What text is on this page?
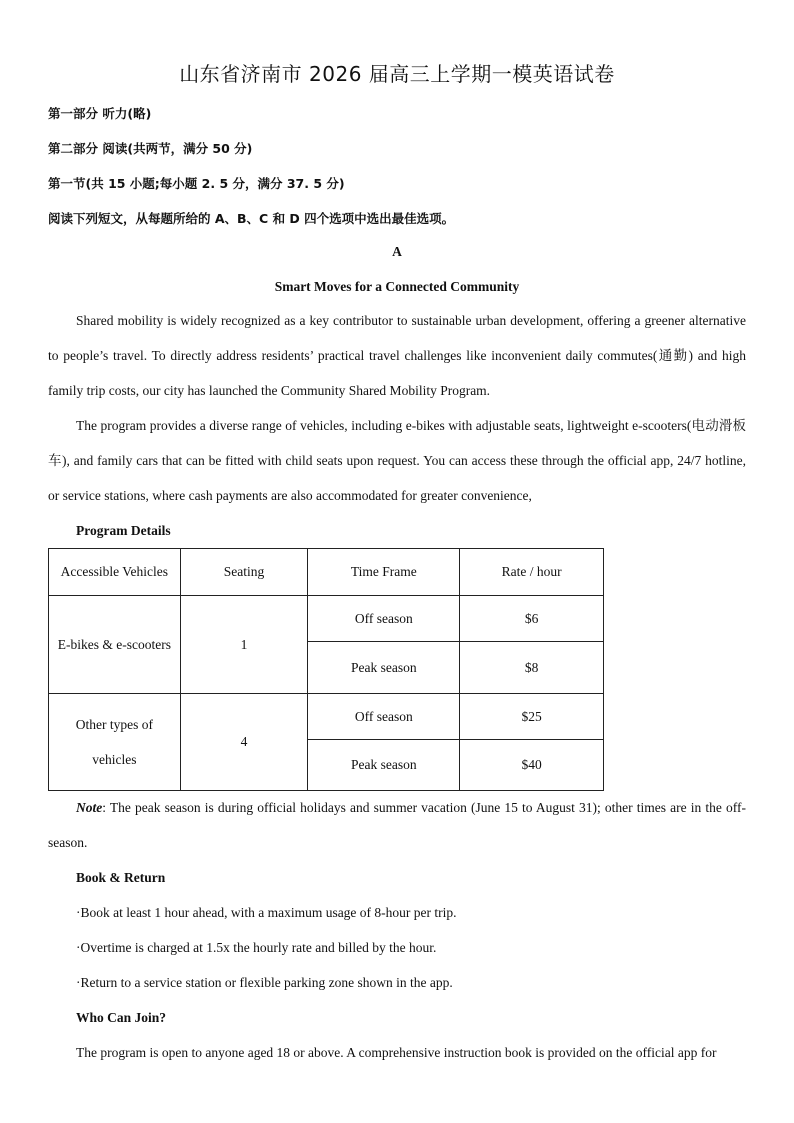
山东省济南市 2026 届高三上学期一模英语试卷
第一部分 听力(略)
第二部分 阅读(共两节，满分 50 分)
第一节(共 15 小题;每小题 2. 5 分，满分 37. 5 分)
阅读下列短文，从每题所给的 A、B、C 和 D 四个选项中选出最佳选项。
A
Smart Moves for a Connected Community
Shared mobility is widely recognized as a key contributor to sustainable urban development, offering a greener alternative to people’s travel. To directly address residents’ practical travel challenges like inconvenient daily commutes(通勤) and high family trip costs, our city has launched the Community Shared Mobility Program.
The program provides a diverse range of vehicles, including e-bikes with adjustable seats, lightweight e-scooters(电动滑板车), and family cars that can be fitted with child seats upon request. You can access these through the official app, 24/7 hotline, or service stations, where cash payments are also accommodated for greater convenience,
Program Details
Accessible Vehicles	Seating	Time Frame	Rate / hour
E-bikes & e-scooters	1	Off season	$6
		Peak season	$8
Other types of vehicles	4	Off season	$25
		Peak season	$40
Note: The peak season is during official holidays and summer vacation (June 15 to August 31); other times are in the off-season.
Book & Return
·Book at least 1 hour ahead, with a maximum usage of 8-hour per trip.
·Overtime is charged at 1.5x the hourly rate and billed by the hour.
·Return to a service station or flexible parking zone shown in the app.
Who Can Join?
The program is open to anyone aged 18 or above. A comprehensive instruction book is provided on the official app for
